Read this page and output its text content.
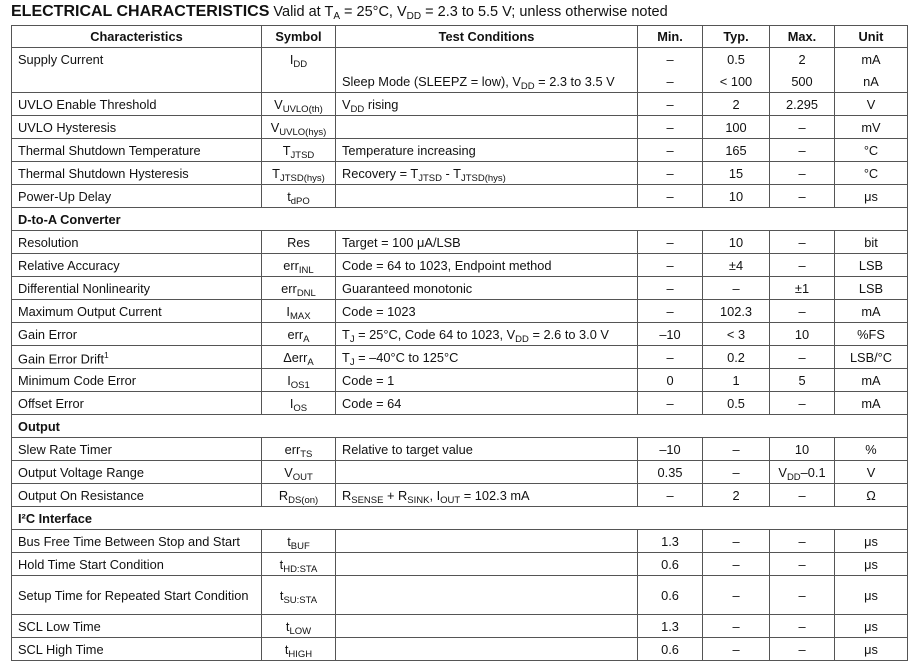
ELECTRICAL CHARACTERISTICS Valid at $T_A = 25^\circ C$, $V_{DD} = 2.3$ to 5.5 V; unless otherwise noted
Characteristics	Symbol	Test Conditions	Min.	Typ.	Max.	Unit
Supply Current	$I_{DD}$		–	0.5	2	mA
		Sleep Mode (SLEEPZ = low), $V_{DD} = 2.3$ to 3.5 V	–	< 100	500	nA
UVLO Enable Threshold	$V_{UVLO(th)}$	$V_{DD}$ rising	–	2	2.295	V
UVLO Hysteresis	$V_{UVLO(hys)}$		–	100	–	mV
Thermal Shutdown Temperature	$T_{JTSD}$	Temperature increasing	–	165	–	°C
Thermal Shutdown Hysteresis	$T_{JTSD(hys)}$	Recovery = $T_{JTSD} - T_{JTSD(hys)}$	–	15	–	°C
Power-Up Delay	$t_{dPO}$		–	10	–	μs
D-to-A Converter						
Resolution	Res	Target = 100 μA/LSB	–	10	–	bit
Relative Accuracy	err$_{INL}$	Code = 64 to 1023, Endpoint method	–	±4	–	LSB
Differential Nonlinearity	err$_{DNL}$	Guaranteed monotonic	–	–	±1	LSB
Maximum Output Current	$I_{MAX}$	Code = 1023	–	102.3	–	mA
Gain Error	err$_A$	$T_J = 25^\circ C$, Code 64 to 1023, $V_{DD} = 2.6$ to 3.0 V	–10	< 3	10	%FS
Gain Error Drift$^1$	Δerr$_A$	$T_J = -40^\circ C$ to 125°C	–	0.2	–	LSB/°C
Minimum Code Error	$I_{OS1}$	Code = 1	0	1	5	mA
Offset Error	$I_{OS}$	Code = 64	–	0.5	–	mA
Output						
Slew Rate Timer	err$_{TS}$	Relative to target value	–10	–	10	%
Output Voltage Range	$V_{OUT}$		0.35	–	$V_{DD}-0.1$	V
Output On Resistance	$R_{DS(on)}$	$R_{SENSE} + R_{SINK}$, $I_{OUT} = 102.3$ mA	–	2	–	Ω
I²C Interface						
Bus Free Time Between Stop and Start	$t_{BUF}$		1.3	–	–	μs
Hold Time Start Condition	$t_{HD:STA}$		0.6	–	–	μs
Setup Time for Repeated Start Condition	$t_{SU:STA}$		0.6	–	–	μs
SCL Low Time	$t_{LOW}$		1.3	–	–	μs
SCL High Time	$t_{HIGH}$		0.6	–	–	μs
